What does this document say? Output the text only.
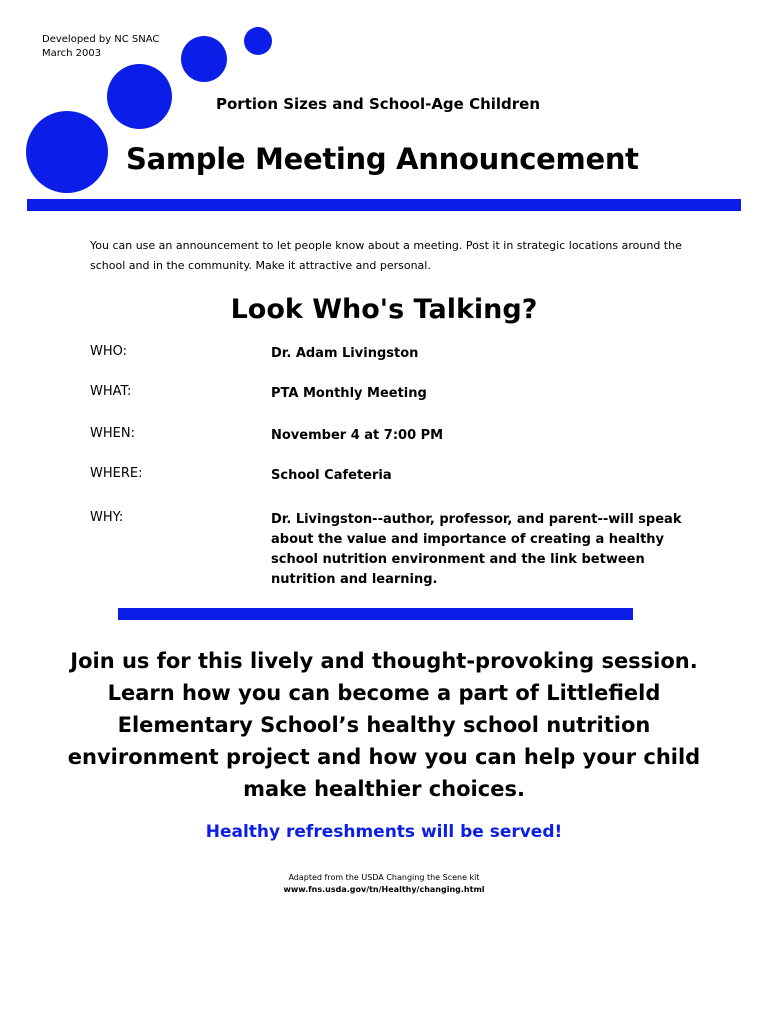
Developed by NC SNAC
March 2003
Portion Sizes and School-Age Children
Sample Meeting Announcement
You can use an announcement to let people know about a meeting. Post it in strategic locations around the school and in the community. Make it attractive and personal.
Look Who's Talking?
WHO:	Dr. Adam Livingston
WHAT:	PTA Monthly Meeting
WHEN:	November 4 at 7:00 PM
WHERE:	School Cafeteria
WHY:	Dr. Livingston--author, professor, and parent--will speak about the value and importance of creating a healthy school nutrition environment and the link between nutrition and learning.
Join us for this lively and thought-provoking session. Learn how you can become a part of Littlefield Elementary School’s healthy school nutrition environment project and how you can help your child make healthier choices.
Healthy refreshments will be served!
Adapted from the USDA Changing the Scene kit
www.fns.usda.gov/tn/Healthy/changing.html
